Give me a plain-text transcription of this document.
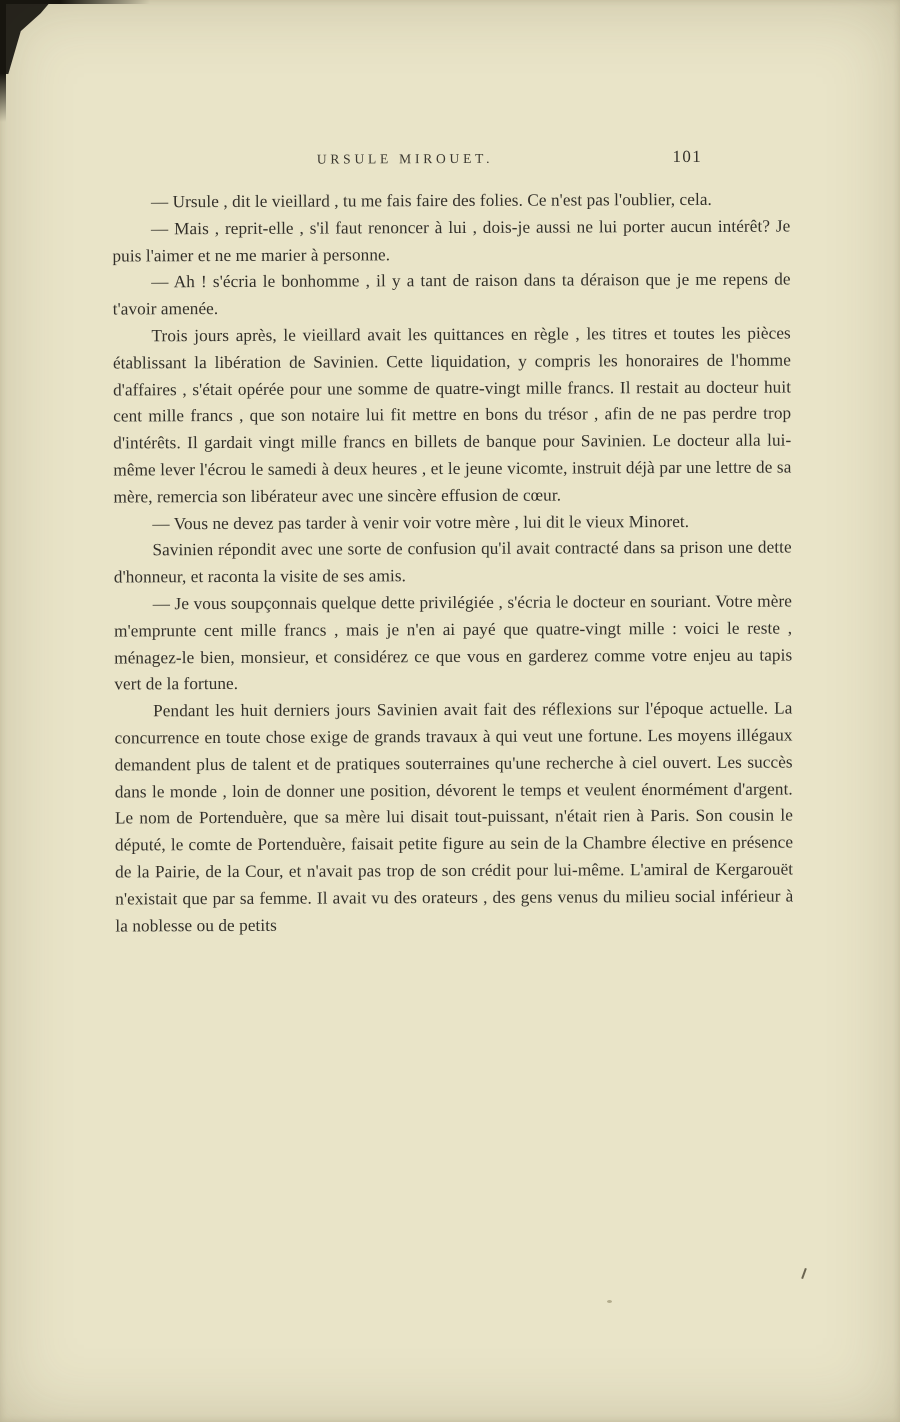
URSULE MIROUET.	101

— Ursule , dit le vieillard , tu me fais faire des folies. Ce n'est pas l'oublier, cela.

— Mais , reprit-elle , s'il faut renoncer à lui , dois-je aussi ne lui porter aucun intérêt? Je puis l'aimer et ne me marier à personne.

— Ah ! s'écria le bonhomme , il y a tant de raison dans ta déraison que je me repens de t'avoir amenée.

Trois jours après, le vieillard avait les quittances en règle , les titres et toutes les pièces établissant la libération de Savinien. Cette liquidation, y compris les honoraires de l'homme d'affaires , s'était opérée pour une somme de quatre-vingt mille francs. Il restait au docteur huit cent mille francs , que son notaire lui fit mettre en bons du trésor , afin de ne pas perdre trop d'intérêts. Il gardait vingt mille francs en billets de banque pour Savinien. Le docteur alla lui-même lever l'écrou le samedi à deux heures , et le jeune vicomte, instruit déjà par une lettre de sa mère, remercia son libérateur avec une sincère effusion de cœur.

— Vous ne devez pas tarder à venir voir votre mère , lui dit le vieux Minoret.

Savinien répondit avec une sorte de confusion qu'il avait contracté dans sa prison une dette d'honneur, et raconta la visite de ses amis.

— Je vous soupçonnais quelque dette privilégiée , s'écria le docteur en souriant. Votre mère m'emprunte cent mille francs , mais je n'en ai payé que quatre-vingt mille : voici le reste , ménagez-le bien, monsieur, et considérez ce que vous en garderez comme votre enjeu au tapis vert de la fortune.

Pendant les huit derniers jours Savinien avait fait des réflexions sur l'époque actuelle. La concurrence en toute chose exige de grands travaux à qui veut une fortune. Les moyens illégaux demandent plus de talent et de pratiques souterraines qu'une recherche à ciel ouvert. Les succès dans le monde , loin de donner une position, dévorent le temps et veulent énormément d'argent. Le nom de Portenduère, que sa mère lui disait tout-puissant, n'était rien à Paris. Son cousin le député, le comte de Portenduère, faisait petite figure au sein de la Chambre élective en présence de la Pairie, de la Cour, et n'avait pas trop de son crédit pour lui-même. L'amiral de Kergarouët n'existait que par sa femme. Il avait vu des orateurs , des gens venus du milieu social inférieur à la noblesse ou de petits
